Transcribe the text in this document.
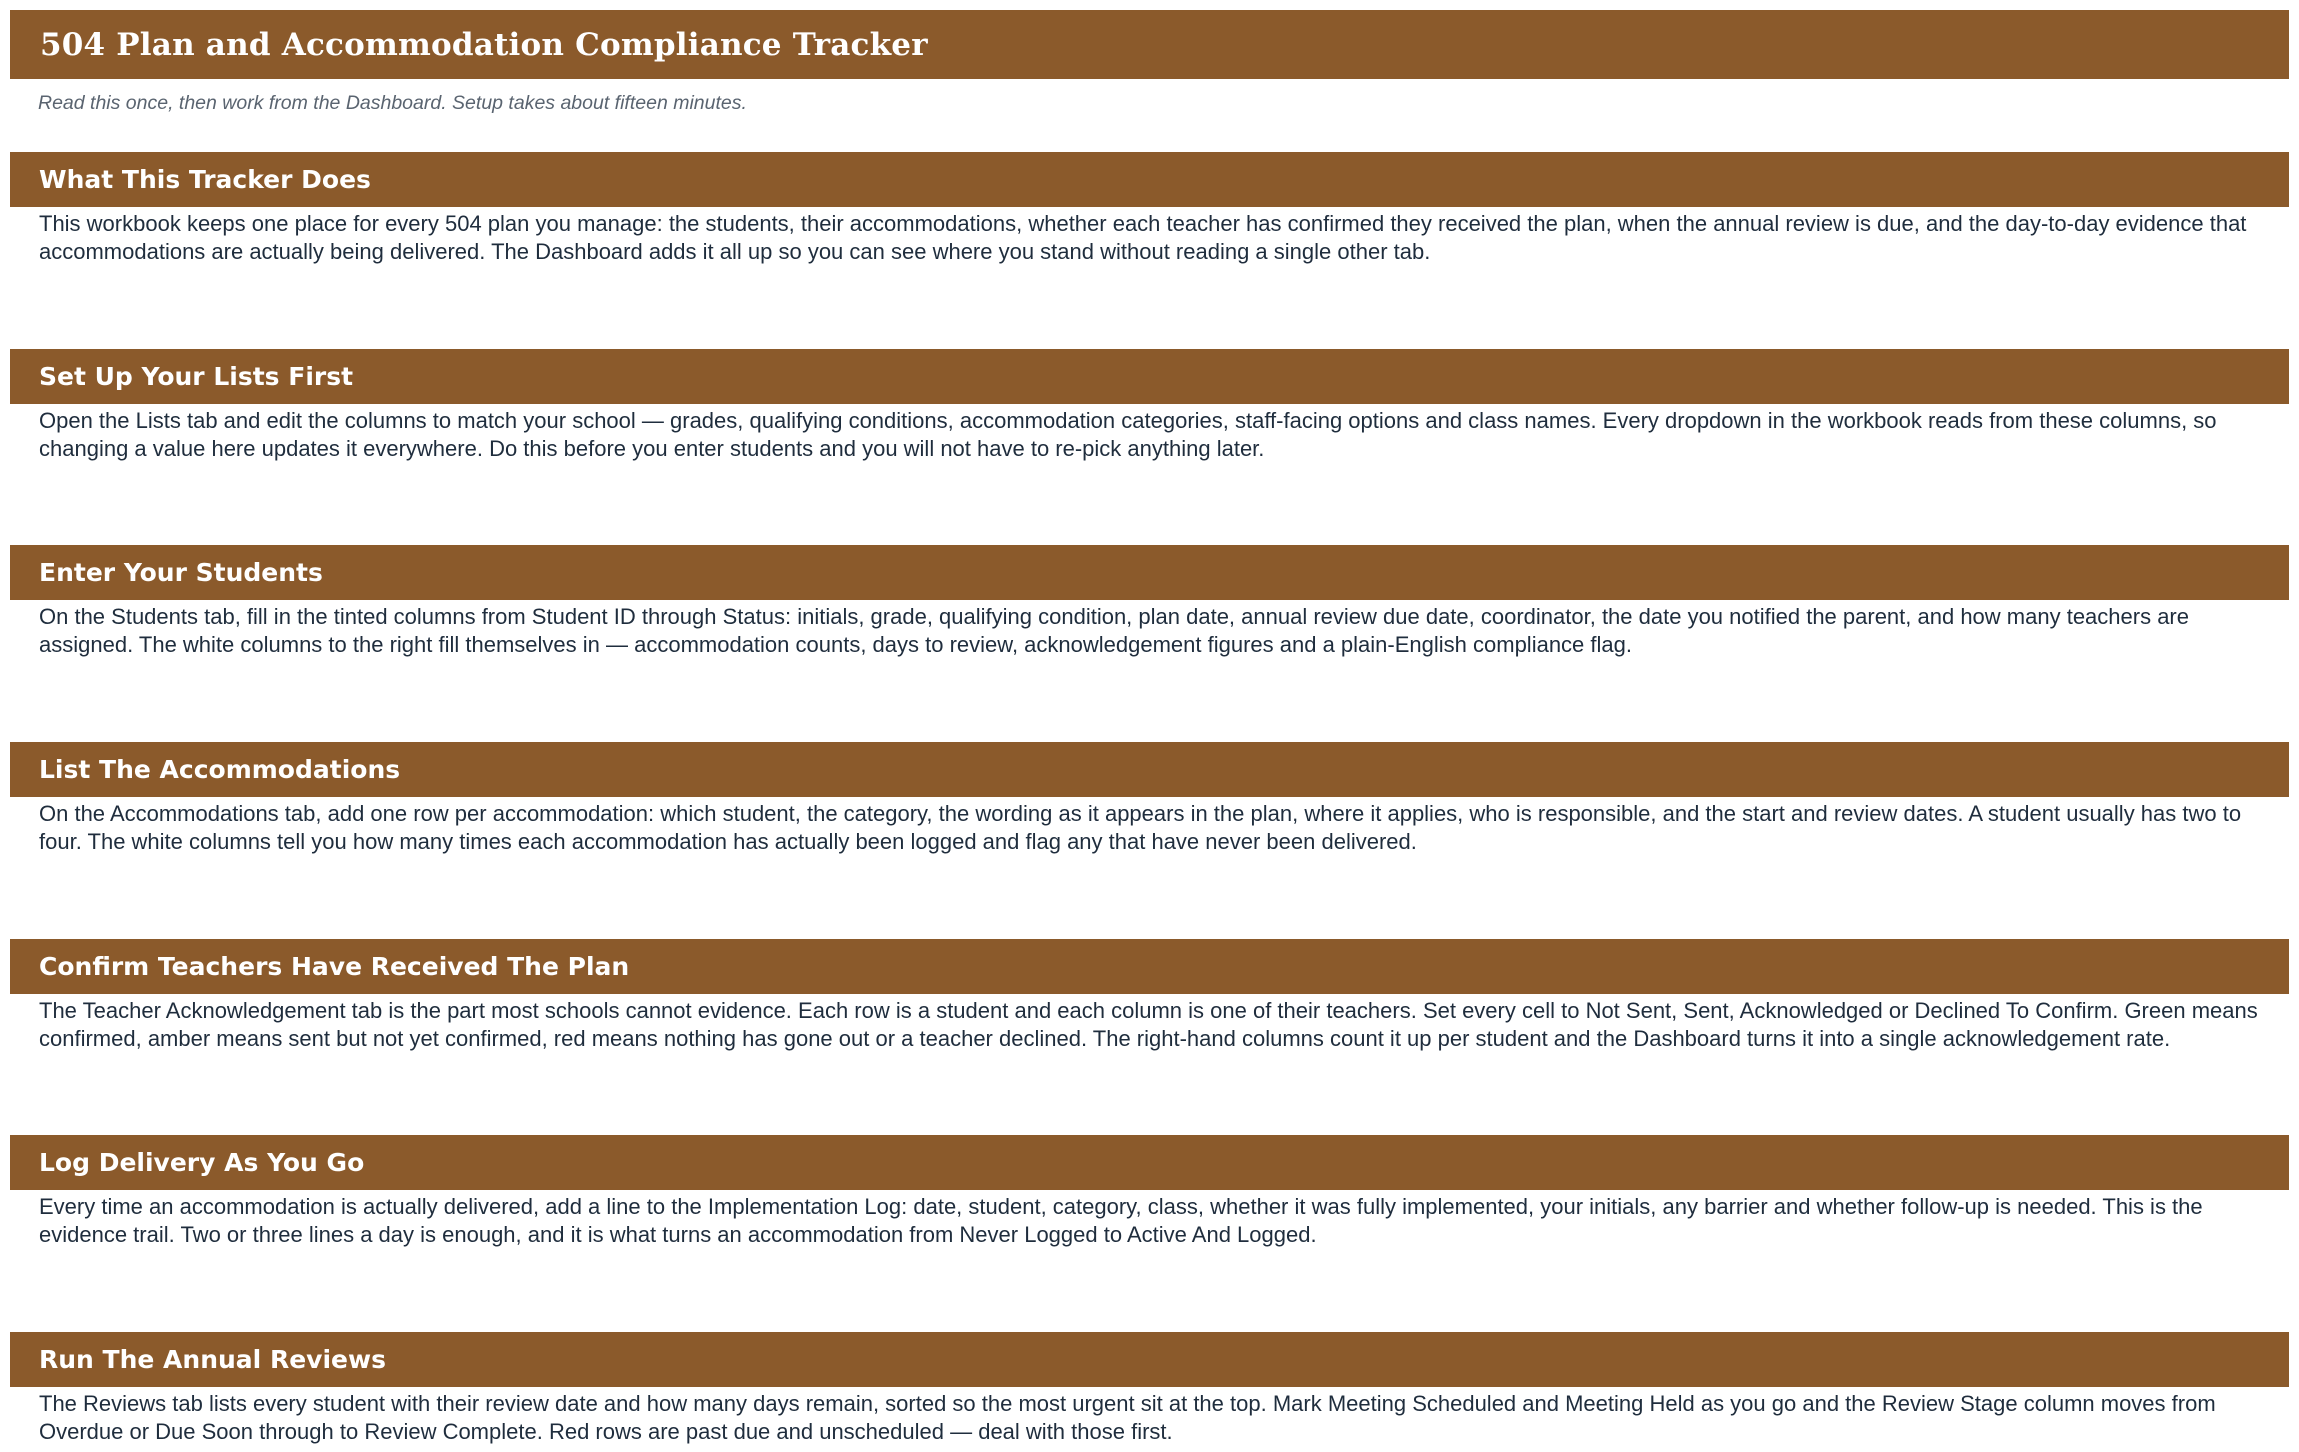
504 Plan and Accommodation Compliance Tracker
Read this once, then work from the Dashboard. Setup takes about fifteen minutes.
What This Tracker Does
This workbook keeps one place for every 504 plan you manage: the students, their accommodations, whether each teacher has confirmed they received the plan, when the annual review is due, and the day-to-day evidence that accommodations are actually being delivered. The Dashboard adds it all up so you can see where you stand without reading a single other tab.
Set Up Your Lists First
Open the Lists tab and edit the columns to match your school — grades, qualifying conditions, accommodation categories, staff-facing options and class names. Every dropdown in the workbook reads from these columns, so changing a value here updates it everywhere. Do this before you enter students and you will not have to re-pick anything later.
Enter Your Students
On the Students tab, fill in the tinted columns from Student ID through Status: initials, grade, qualifying condition, plan date, annual review due date, coordinator, the date you notified the parent, and how many teachers are assigned. The white columns to the right fill themselves in — accommodation counts, days to review, acknowledgement figures and a plain-English compliance flag.
List The Accommodations
On the Accommodations tab, add one row per accommodation: which student, the category, the wording as it appears in the plan, where it applies, who is responsible, and the start and review dates. A student usually has two to four. The white columns tell you how many times each accommodation has actually been logged and flag any that have never been delivered.
Confirm Teachers Have Received The Plan
The Teacher Acknowledgement tab is the part most schools cannot evidence. Each row is a student and each column is one of their teachers. Set every cell to Not Sent, Sent, Acknowledged or Declined To Confirm. Green means confirmed, amber means sent but not yet confirmed, red means nothing has gone out or a teacher declined. The right-hand columns count it up per student and the Dashboard turns it into a single acknowledgement rate.
Log Delivery As You Go
Every time an accommodation is actually delivered, add a line to the Implementation Log: date, student, category, class, whether it was fully implemented, your initials, any barrier and whether follow-up is needed. This is the evidence trail. Two or three lines a day is enough, and it is what turns an accommodation from Never Logged to Active And Logged.
Run The Annual Reviews
The Reviews tab lists every student with their review date and how many days remain, sorted so the most urgent sit at the top. Mark Meeting Scheduled and Meeting Held as you go and the Review Stage column moves from Overdue or Due Soon through to Review Complete. Red rows are past due and unscheduled — deal with those first.
